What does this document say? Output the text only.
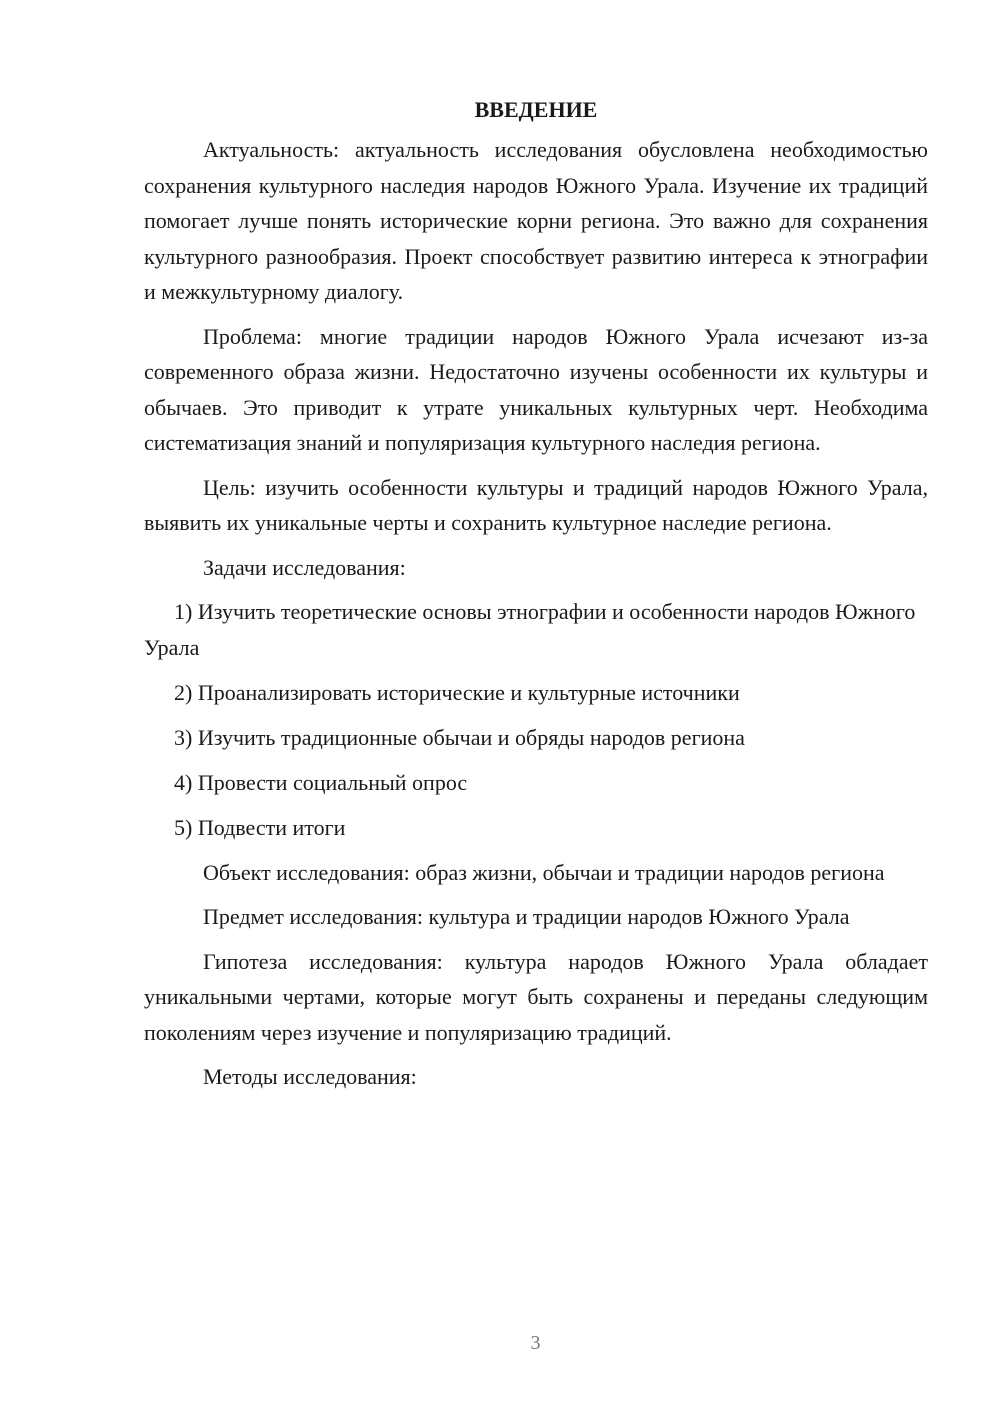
ВВЕДЕНИЕ

Актуальность: актуальность исследования обусловлена необходимостью сохранения культурного наследия народов Южного Урала. Изучение их традиций помогает лучше понять исторические корни региона. Это важно для сохранения культурного разнообразия. Проект способствует развитию интереса к этнографии и межкультурному диалогу.

Проблема: многие традиции народов Южного Урала исчезают из-за современного образа жизни. Недостаточно изучены особенности их культуры и обычаев. Это приводит к утрате уникальных культурных черт. Необходима систематизация знаний и популяризация культурного наследия региона.

Цель: изучить особенности культуры и традиций народов Южного Урала, выявить их уникальные черты и сохранить культурное наследие региона.

Задачи исследования:

1) Изучить теоретические основы этнографии и особенности народов Южного Урала

2) Проанализировать исторические и культурные источники

3) Изучить традиционные обычаи и обряды народов региона

4) Провести социальный опрос

5) Подвести итоги

Объект исследования: образ жизни, обычаи и традиции народов региона

Предмет исследования: культура и традиции народов Южного Урала

Гипотеза исследования: культура народов Южного Урала обладает уникальными чертами, которые могут быть сохранены и переданы следующим поколениям через изучение и популяризацию традиций.

Методы исследования:

3
